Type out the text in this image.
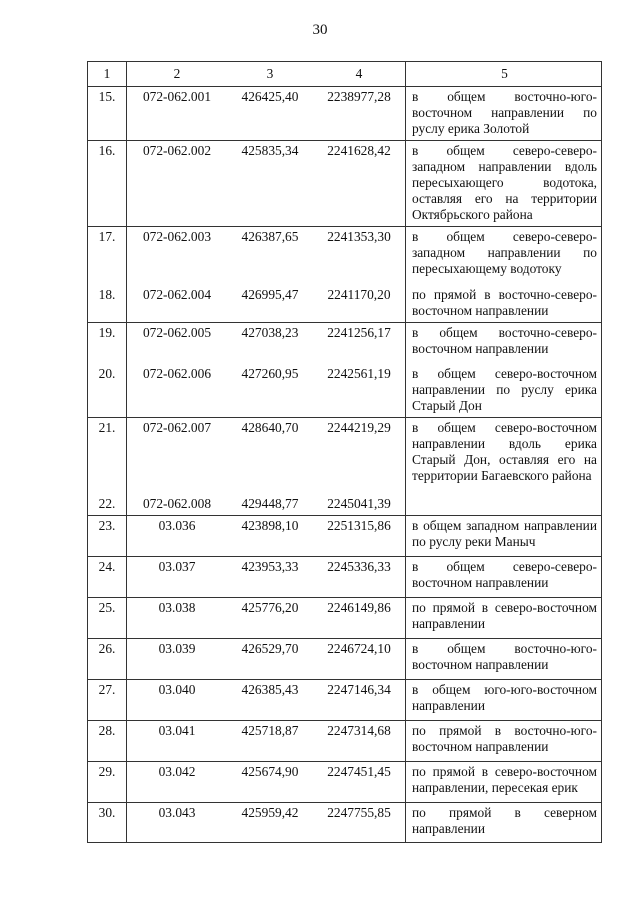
30
1	2	3	4	5
15.	072-062.001	426425,40	2238977,28	в общем восточно-юго-восточном направлении по руслу ерика Золотой
16.	072-062.002	425835,34	2241628,42	в общем северо-северо-западном направлении вдоль пересыхающего водотока, оставляя его на территории Октябрьского района
17.	072-062.003	426387,65	2241353,30	в общем северо-северо-западном направлении по пересыхающему водотоку
18.	072-062.004	426995,47	2241170,20	по прямой в восточно-северо-восточном направлении
19.	072-062.005	427038,23	2241256,17	в общем восточно-северо-восточном направлении
20.	072-062.006	427260,95	2242561,19	в общем северо-восточном направлении по руслу ерика Старый Дон
21.	072-062.007	428640,70	2244219,29	в общем северо-восточном направлении вдоль ерика Старый Дон, оставляя его на территории Багаевского района
22.	072-062.008	429448,77	2245041,39	
23.	03.036	423898,10	2251315,86	в общем западном направлении по руслу реки Маныч
24.	03.037	423953,33	2245336,33	в общем северо-северо-восточном направлении
25.	03.038	425776,20	2246149,86	по прямой в северо-восточном направлении
26.	03.039	426529,70	2246724,10	в общем восточно-юго-восточном направлении
27.	03.040	426385,43	2247146,34	в общем юго-юго-восточном направлении
28.	03.041	425718,87	2247314,68	по прямой в восточно-юго-восточном направлении
29.	03.042	425674,90	2247451,45	по прямой в северо-восточном направлении, пересекая ерик
30.	03.043	425959,42	2247755,85	по прямой в северном направлении
